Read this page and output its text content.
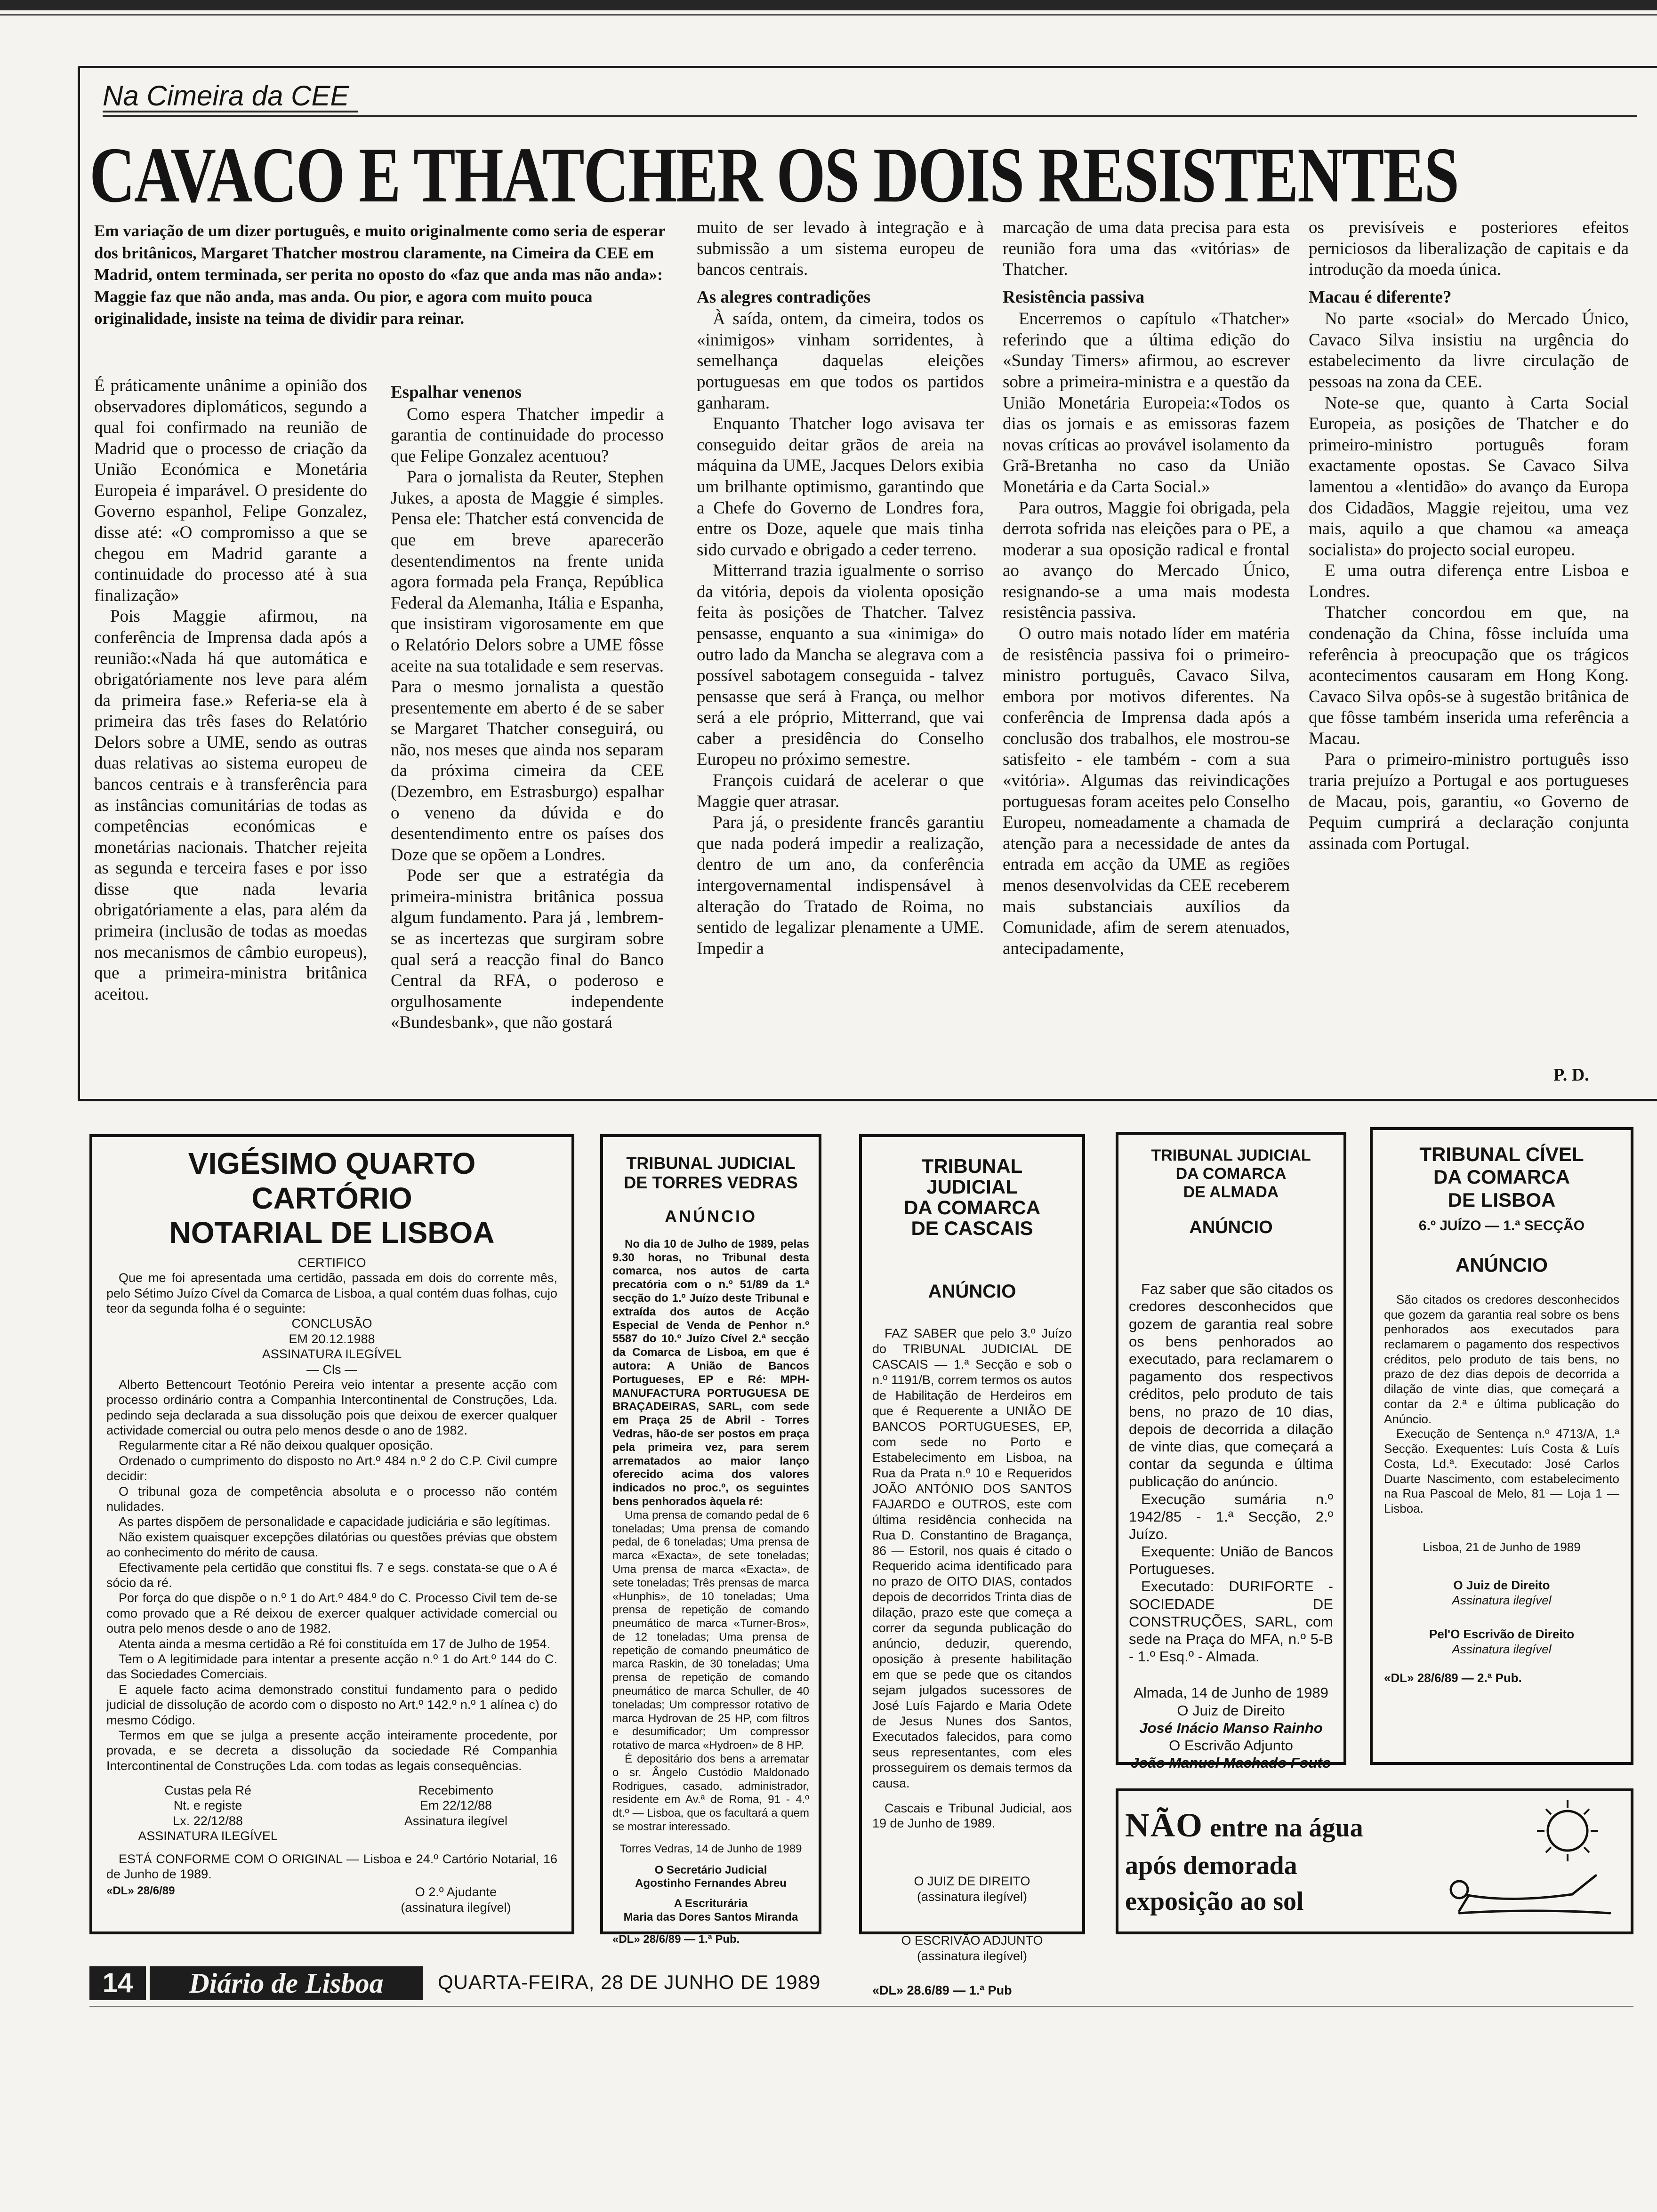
Na Cimeira da CEE
CAVACO E THATCHER OS DOIS RESISTENTES
Em variação de um dizer português, e muito originalmente como seria de esperar dos britânicos, Margaret Thatcher mostrou claramente, na Cimeira da CEE em Madrid, ontem terminada, ser perita no oposto do «faz que anda mas não anda»: Maggie faz que não anda, mas anda. Ou pior, e agora com muito pouca originalidade, insiste na teima de dividir para reinar.

É práticamente unânime a opinião dos observadores diplomáticos, segundo a qual foi confirmado na reunião de Madrid que o processo de criação da União Económica e Monetária Europeia é imparável. O presidente do Governo espanhol, Felipe Gonzalez, disse até: «O compromisso a que se chegou em Madrid garante a continuidade do processo até à sua finalização»

Pois Maggie afirmou, na conferência de Imprensa dada após a reunião:«Nada há que automática e obrigatóriamente nos leve para além da primeira fase.» Referia-se ela à primeira das três fases do Relatório Delors sobre a UME, sendo as outras duas relativas ao sistema europeu de bancos centrais e à transferência para as instâncias comunitárias de todas as competências económicas e monetárias nacionais. Thatcher rejeita as segunda e terceira fases e por isso disse que nada levaria obrigatóriamente a elas, para além da primeira (inclusão de todas as moedas nos mecanismos de câmbio europeus), que a primeira-ministra britânica aceitou.

Espalhar venenos

Como espera Thatcher impedir a garantia de continuidade do processo que Felipe Gonzalez acentuou?

Para o jornalista da Reuter, Stephen Jukes, a aposta de Maggie é simples. Pensa ele: Thatcher está convencida de que em breve aparecerão desentendimentos na frente unida agora formada pela França, República Federal da Alemanha, Itália e Espanha, que insistiram vigorosamente em que o Relatório Delors sobre a UME fôsse aceite na sua totalidade e sem reservas. Para o mesmo jornalista a questão presentemente em aberto é de se saber se Margaret Thatcher conseguirá, ou não, nos meses que ainda nos separam da próxima cimeira da CEE (Dezembro, em Estrasburgo) espalhar o veneno da dúvida e do desentendimento entre os países dos Doze que se opõem a Londres.

Pode ser que a estratégia da primeira-ministra britânica possua algum fundamento. Para já , lembrem-se as incertezas que surgiram sobre qual será a reacção final do Banco Central da RFA, o poderoso e orgulhosamente independente «Bundesbank», que não gostará

muito de ser levado à integração e à submissão a um sistema europeu de bancos centrais.

As alegres contradições

À saída, ontem, da cimeira, todos os «inimigos» vinham sorridentes, à semelhança daquelas eleições portuguesas em que todos os partidos ganharam.

Enquanto Thatcher logo avisava ter conseguido deitar grãos de areia na máquina da UME, Jacques Delors exibia um brilhante optimismo, garantindo que a Chefe do Governo de Londres fora, entre os Doze, aquele que mais tinha sido curvado e obrigado a ceder terreno.

Mitterrand trazia igualmente o sorriso da vitória, depois da violenta oposição feita às posições de Thatcher. Talvez pensasse, enquanto a sua «inimiga» do outro lado da Mancha se alegrava com a possível sabotagem conseguida - talvez pensasse que será à França, ou melhor será a ele próprio, Mitterrand, que vai caber a presidência do Conselho Europeu no próximo semestre.

François cuidará de acelerar o que Maggie quer atrasar.

Para já, o presidente francês garantiu que nada poderá impedir a realização, dentro de um ano, da conferência intergovernamental indispensável à alteração do Tratado de Roima, no sentido de legalizar plenamente a UME. Impedir a

marcação de uma data precisa para esta reunião fora uma das «vitórias» de Thatcher.

Resistência passiva

Encerremos o capítulo «Thatcher» referindo que a última edição do «Sunday Timers» afirmou, ao escrever sobre a primeira-ministra e a questão da União Monetária Europeia:«Todos os dias os jornais e as emissoras fazem novas críticas ao provável isolamento da Grã-Bretanha no caso da União Monetária e da Carta Social.»

Para outros, Maggie foi obrigada, pela derrota sofrida nas eleições para o PE, a moderar a sua oposição radical e frontal ao avanço do Mercado Único, resignando-se a uma mais modesta resistência passiva.

O outro mais notado líder em matéria de resistência passiva foi o primeiro-ministro português, Cavaco Silva, embora por motivos diferentes. Na conferência de Imprensa dada após a conclusão dos trabalhos, ele mostrou-se satisfeito - ele também - com a sua «vitória». Algumas das reivindicações portuguesas foram aceites pelo Conselho Europeu, nomeadamente a chamada de atenção para a necessidade de antes da entrada em acção da UME as regiões menos desenvolvidas da CEE receberem mais substanciais auxílios da Comunidade, afim de serem atenuados, antecipadamente,

os previsíveis e posteriores efeitos perniciosos da liberalização de capitais e da introdução da moeda única.

Macau é diferente?

No parte «social» do Mercado Único, Cavaco Silva insistiu na urgência do estabelecimento da livre circulação de pessoas na zona da CEE.

Note-se que, quanto à Carta Social Europeia, as posições de Thatcher e do primeiro-ministro português foram exactamente opostas. Se Cavaco Silva lamentou a «lentidão» do avanço da Europa dos Cidadãos, Maggie rejeitou, uma vez mais, aquilo a que chamou «a ameaça socialista» do projecto social europeu.

E uma outra diferença entre Lisboa e Londres.

Thatcher concordou em que, na condenação da China, fôsse incluída uma referência à preocupação que os trágicos acontecimentos causaram em Hong Kong. Cavaco Silva opôs-se à sugestão britânica de que fôsse também inserida uma referência a Macau.

Para o primeiro-ministro português isso traria prejuízo a Portugal e aos portugueses de Macau, pois, garantiu, «o Governo de Pequim cumprirá a declaração conjunta assinada com Portugal.

P. D.
VIGÉSIMO QUARTO CARTÓRIO
NOTARIAL DE LISBOA
CERTIFICO

Que me foi apresentada uma certidão, passada em dois do corrente mês, pelo Sétimo Juízo Cível da Comarca de Lisboa, a qual contém duas folhas, cujo teor da segunda folha é o seguinte:

CONCLUSÃO
EM 20.12.1988
ASSINATURA ILEGÍVEL
— Cls —

Alberto Bettencourt Teotónio Pereira veio intentar a presente acção com processo ordinário contra a Companhia Intercontinental de Construções, Lda. pedindo seja declarada a sua dissolução pois que deixou de exercer qualquer actividade comercial ou outra pelo menos desde o ano de 1982.

Regularmente citar a Ré não deixou qualquer oposição.

Ordenado o cumprimento do disposto no Art.º 484 n.º 2 do C.P. Civil cumpre decidir:

O tribunal goza de competência absoluta e o processo não contém nulidades.

As partes dispõem de personalidade e capacidade judiciária e são legítimas.

Não existem quaisquer excepções dilatórias ou questões prévias que obstem ao conhecimento do mérito de causa.

Efectivamente pela certidão que constitui fls. 7 e segs. constata-se que o A é sócio da ré.

Por força do que dispõe o n.º 1 do Art.º 484.º do C. Processo Civil tem de-se como provado que a Ré deixou de exercer qualquer actividade comercial ou outra pelo menos desde o ano de 1982.

Atenta ainda a mesma certidão a Ré foi constituída em 17 de Julho de 1954.

Tem o A legitimidade para intentar a presente acção n.º 1 do Art.º 144 do C. das Sociedades Comerciais.

E aquele facto acima demonstrado constitui fundamento para o pedido judicial de dissolução de acordo com o disposto no Art.º 142.º n.º 1 alínea c) do mesmo Código.

Termos em que se julga a presente acção inteiramente procedente, por provada, e se decreta a dissolução da sociedade Ré Companhia Intercontinental de Construções Lda. com todas as legais consequências.

Custas pela Ré
Nt. e registe
Lx. 22/12/88
ASSINATURA ILEGÍVEL
Recebimento
Em 22/12/88
Assinatura ilegível

ESTÁ CONFORME COM O ORIGINAL — Lisboa e 24.º Cartório Notarial, 16 de Junho de 1989.

«DL» 28/6/89	O 2.º Ajudante
(assinatura ilegível)
TRIBUNAL JUDICIAL
DE TORRES VEDRAS
ANÚNCIO

No dia 10 de Julho de 1989, pelas 9.30 horas, no Tribunal desta comarca, nos autos de carta precatória com o n.º 51/89 da 1.ª secção do 1.º Juízo deste Tribunal e extraída dos autos de Acção Especial de Venda de Penhor n.º 5587 do 10.º Juízo Cível 2.ª secção da Comarca de Lisboa, em que é autora: A União de Bancos Portugueses, EP e Ré: MPH-MANUFACTURA PORTUGUESA DE BRAÇADEIRAS, SARL, com sede em Praça 25 de Abril - Torres Vedras, hão-de ser postos em praça pela primeira vez, para serem arrematados ao maior lanço oferecido acima dos valores indicados no proc.º, os seguintes bens penhorados àquela ré:

Uma prensa de comando pedal de 6 toneladas; Uma prensa de comando pedal, de 6 toneladas; Uma prensa de marca «Exacta», de sete toneladas; Uma prensa de marca «Exacta», de sete toneladas; Três prensas de marca «Hunphis», de 10 toneladas; Uma prensa de repetição de comando pneumático de marca «Turner-Bros», de 12 toneladas; Uma prensa de repetição de comando pneumático de marca Raskin, de 30 toneladas; Uma prensa de repetição de comando pneumático de marca Schuller, de 40 toneladas; Um compressor rotativo de marca Hydrovan de 25 HP, com filtros e desumificador; Um compressor rotativo de marca «Hydroen» de 8 HP.

É depositário dos bens a arrematar o sr. Ângelo Custódio Maldonado Rodrigues, casado, administrador, residente em Av.ª de Roma, 91 - 4.º dt.º — Lisboa, que os facultará a quem se mostrar interessado.

Torres Vedras, 14 de Junho de 1989
O Secretário Judicial
Agostinho Fernandes Abreu
A Escriturária
Maria das Dores Santos Miranda
«DL» 28/6/89 — 1.ª Pub.
TRIBUNAL
JUDICIAL
DA COMARCA
DE CASCAIS
ANÚNCIO

FAZ SABER que pelo 3.º Juízo do TRIBUNAL JUDICIAL DE CASCAIS — 1.ª Secção e sob o n.º 1191/B, correm termos os autos de Habilitação de Herdeiros em que é Requerente a UNIÃO DE BANCOS PORTUGUESES, EP, com sede no Porto e Estabelecimento em Lisboa, na Rua da Prata n.º 10 e Requeridos JOÃO ANTÓNIO DOS SANTOS FAJARDO e OUTROS, este com última residência conhecida na Rua D. Constantino de Bragança, 86 — Estoril, nos quais é citado o Requerido acima identificado para no prazo de OITO DIAS, contados depois de decorridos Trinta dias de dilação, prazo este que começa a correr da segunda publicação do anúncio, deduzir, querendo, oposição à presente habilitação em que se pede que os citandos sejam julgados sucessores de José Luís Fajardo e Maria Odete de Jesus Nunes dos Santos, Executados falecidos, para como seus representantes, com eles prosseguirem os demais termos da causa.

Cascais e Tribunal Judicial, aos 19 de Junho de 1989.

O JUIZ DE DIREITO
(assinatura ilegível)
O ESCRIVÃO ADJUNTO
(assinatura ilegível)
«DL» 28.6/89 — 1.ª Pub
TRIBUNAL JUDICIAL
DA COMARCA
DE ALMADA
ANÚNCIO

Faz saber que são citados os credores desconhecidos que gozem de garantia real sobre os bens penhorados ao executado, para reclamarem o pagamento dos respectivos créditos, pelo produto de tais bens, no prazo de 10 dias, depois de decorrida a dilação de vinte dias, que começará a contar da segunda e última publicação do anúncio.

Execução sumária n.º 1942/85 - 1.ª Secção, 2.º Juízo.

Exequente: União de Bancos Portugueses.

Executado: DURIFORTE - SOCIEDADE DE CONSTRUÇÕES, SARL, com sede na Praça do MFA, n.º 5-B - 1.º Esq.º - Almada.

Almada, 14 de Junho de 1989
O Juiz de Direito
José Inácio Manso Rainho
O Escrivão Adjunto
João Manuel Machado Fouto
TRIBUNAL CÍVEL
DA COMARCA
DE LISBOA
6.º JUÍZO — 1.ª SECÇÃO
ANÚNCIO

São citados os credores desconhecidos que gozem da garantia real sobre os bens penhorados aos executados para reclamarem o pagamento dos respectivos créditos, pelo produto de tais bens, no prazo de dez dias depois de decorrida a dilação de vinte dias, que começará a contar da 2.ª e última publicação do Anúncio.

Execução de Sentença n.º 4713/A, 1.ª Secção. Exequentes: Luís Costa & Luís Costa, Ld.ª. Executado: José Carlos Duarte Nascimento, com estabelecimento na Rua Pascoal de Melo, 81 — Loja 1 — Lisboa.

Lisboa, 21 de Junho de 1989
O Juiz de Direito
Assinatura ilegível
Pel'O Escrivão de Direito
Assinatura ilegível
«DL» 28/6/89 — 2.ª Pub.
NÃO entre na água
após demorada
exposição ao sol
14	Diário de Lisboa	QUARTA-FEIRA, 28 DE JUNHO DE 1989
